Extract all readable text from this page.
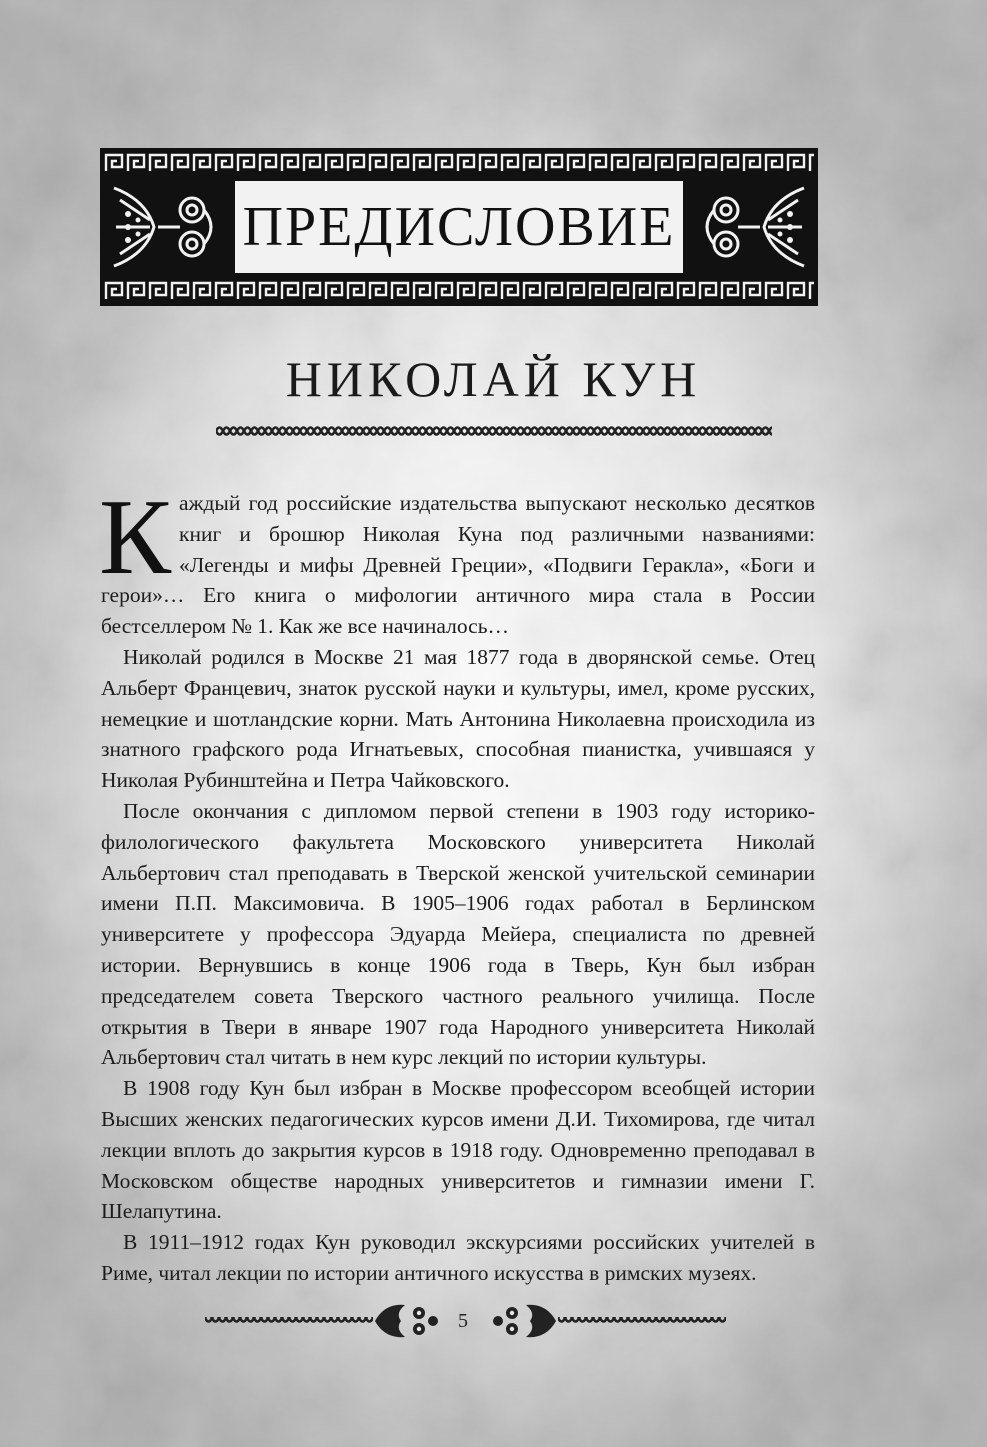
ПРЕДИСЛОВИЕ
НИКОЛАЙ КУН

Каждый год российские издательства выпускают несколько десятков книг и брошюр Николая Куна под различными названиями: «Легенды и мифы Древней Греции», «Подвиги Геракла», «Боги и герои»… Его книга о мифологии античного мира стала в России бестселлером № 1. Как же все начиналось…

Николай родился в Москве 21 мая 1877 года в дворянской семье. Отец Альберт Францевич, знаток русской науки и культуры, имел, кроме русских, немецкие и шотландские корни. Мать Антонина Николаевна происходила из знатного графского рода Игнатьевых, способная пианистка, учившаяся у Николая Рубинштейна и Петра Чайковского.

После окончания с дипломом первой степени в 1903 году историко-филологического факультета Московского университета Николай Альбертович стал преподавать в Тверской женской учительской семинарии имени П.П. Максимовича. В 1905–1906 годах работал в Берлинском университете у профессора Эдуарда Мейера, специалиста по древней истории. Вернувшись в конце 1906 года в Тверь, Кун был избран председателем совета Тверского частного реального училища. После открытия в Твери в январе 1907 года Народного университета Николай Альбертович стал читать в нем курс лекций по истории культуры.

В 1908 году Кун был избран в Москве профессором всеобщей истории Высших женских педагогических курсов имени Д.И. Тихомирова, где читал лекции вплоть до закрытия курсов в 1918 году. Одновременно преподавал в Московском обществе народных университетов и гимназии имени Г. Шелапутина.

В 1911–1912 годах Кун руководил экскурсиями российских учителей в Риме, читал лекции по истории античного искусства в римских музеях.

5
